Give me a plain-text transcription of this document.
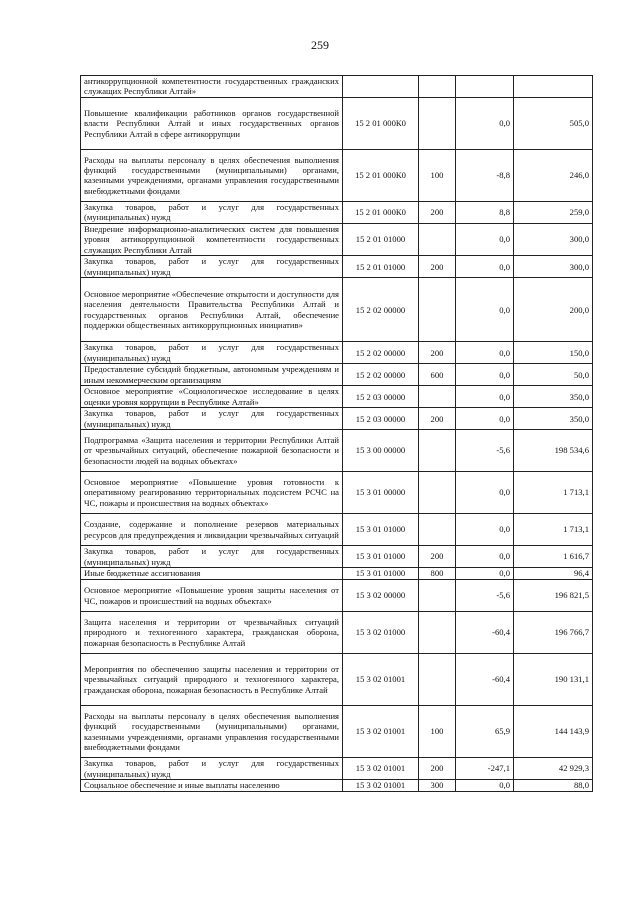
259
антикоррупционной компетентности государственных гражданских служащих Республики Алтай»				
Повышение квалификации работников органов государственной власти Республики Алтай и иных государственных органов Республики Алтай в сфере антикоррупции	15 2 01 000К0		0,0	505,0
Расходы на выплаты персоналу в целях обеспечения выполнения функций государственными (муниципальными) органами, казенными учреждениями, органами управления государственными внебюджетными фондами	15 2 01 000К0	100	-8,8	246,0
Закупка товаров, работ и услуг для государственных (муниципальных) нужд	15 2 01 000К0	200	8,8	259,0
Внедрение информационно-аналитических систем для повышения уровня антикоррупционной компетентности государственных служащих Республики Алтай	15 2 01 01000		0,0	300,0
Закупка товаров, работ и услуг для государственных (муниципальных) нужд	15 2 01 01000	200	0,0	300,0
Основное мероприятие «Обеспечение открытости и доступности для населения деятельности Правительства Республики Алтай и государственных органов Республики Алтай, обеспечение поддержки общественных антикоррупционных инициатив»	15 2 02 00000		0,0	200,0
Закупка товаров, работ и услуг для государственных (муниципальных) нужд	15 2 02 00000	200	0,0	150,0
Предоставление субсидий бюджетным, автономным учреждениям и иным некоммерческим организациям	15 2 02 00000	600	0,0	50,0
Основное мероприятие «Социологическое исследование в целях оценки уровня коррупции в Республике Алтай»	15 2 03 00000		0,0	350,0
Закупка товаров, работ и услуг для государственных (муниципальных) нужд	15 2 03 00000	200	0,0	350,0
Подпрограмма «Защита населения и территории Республики Алтай от чрезвычайных ситуаций, обеспечение пожарной безопасности и безопасности людей на водных объектах»	15 3 00 00000		-5,6	198 534,6
Основное мероприятие «Повышение уровня готовности к оперативному реагированию территориальных подсистем РСЧС на ЧС, пожары и происшествия на водных объектах»	15 3 01 00000		0,0	1 713,1
Создание, содержание и пополнение резервов материальных ресурсов для предупреждения и ликвидации чрезвычайных ситуаций	15 3 01 01000		0,0	1 713,1
Закупка товаров, работ и услуг для государственных (муниципальных) нужд	15 3 01 01000	200	0,0	1 616,7
Иные бюджетные ассигнования	15 3 01 01000	800	0,0	96,4
Основное мероприятие «Повышение уровня защиты населения от ЧС, пожаров и происшествий на водных объектах»	15 3 02 00000		-5,6	196 821,5
Защита населения и территории от чрезвычайных ситуаций природного и техногенного характера, гражданская оборона, пожарная безопасность в Республике Алтай	15 3 02 01000		-60,4	196 766,7
Мероприятия по обеспечению защиты населения и территории от чрезвычайных ситуаций природного и техногенного характера, гражданская оборона, пожарная безопасность в Республике Алтай	15 3 02 01001		-60,4	190 131,1
Расходы на выплаты персоналу в целях обеспечения выполнения функций государственными (муниципальными) органами, казенными учреждениями, органами управления государственными внебюджетными фондами	15 3 02 01001	100	65,9	144 143,9
Закупка товаров, работ и услуг для государственных (муниципальных) нужд	15 3 02 01001	200	-247,1	42 929,3
Социальное обеспечение и иные выплаты населению	15 3 02 01001	300	0,0	88,0
